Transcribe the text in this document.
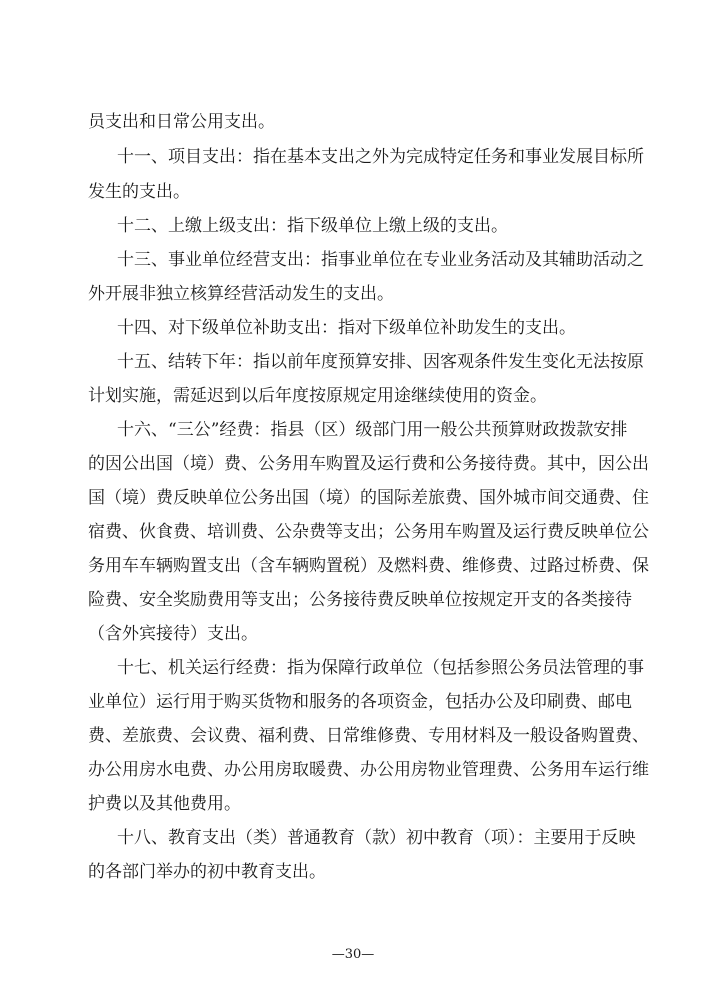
员支出和日常公用支出。
十一、项目支出：指在基本支出之外为完成特定任务和事业发展目标所
发生的支出。
十二、上缴上级支出：指下级单位上缴上级的支出。
十三、事业单位经营支出：指事业单位在专业业务活动及其辅助活动之
外开展非独立核算经营活动发生的支出。
十四、对下级单位补助支出：指对下级单位补助发生的支出。
十五、结转下年：指以前年度预算安排、因客观条件发生变化无法按原
计划实施，需延迟到以后年度按原规定用途继续使用的资金。
十六、“三公”经费：指县（区）级部门用一般公共预算财政拨款安排
的因公出国（境）费、公务用车购置及运行费和公务接待费。其中，因公出
国（境）费反映单位公务出国（境）的国际差旅费、国外城市间交通费、住
宿费、伙食费、培训费、公杂费等支出；公务用车购置及运行费反映单位公
务用车车辆购置支出（含车辆购置税）及燃料费、维修费、过路过桥费、保
险费、安全奖励费用等支出；公务接待费反映单位按规定开支的各类接待
（含外宾接待）支出。
十七、机关运行经费：指为保障行政单位（包括参照公务员法管理的事
业单位）运行用于购买货物和服务的各项资金，包括办公及印刷费、邮电
费、差旅费、会议费、福利费、日常维修费、专用材料及一般设备购置费、
办公用房水电费、办公用房取暖费、办公用房物业管理费、公务用车运行维
护费以及其他费用。
十八、教育支出（类）普通教育（款）初中教育（项）：主要用于反映
的各部门举办的初中教育支出。
—30—
